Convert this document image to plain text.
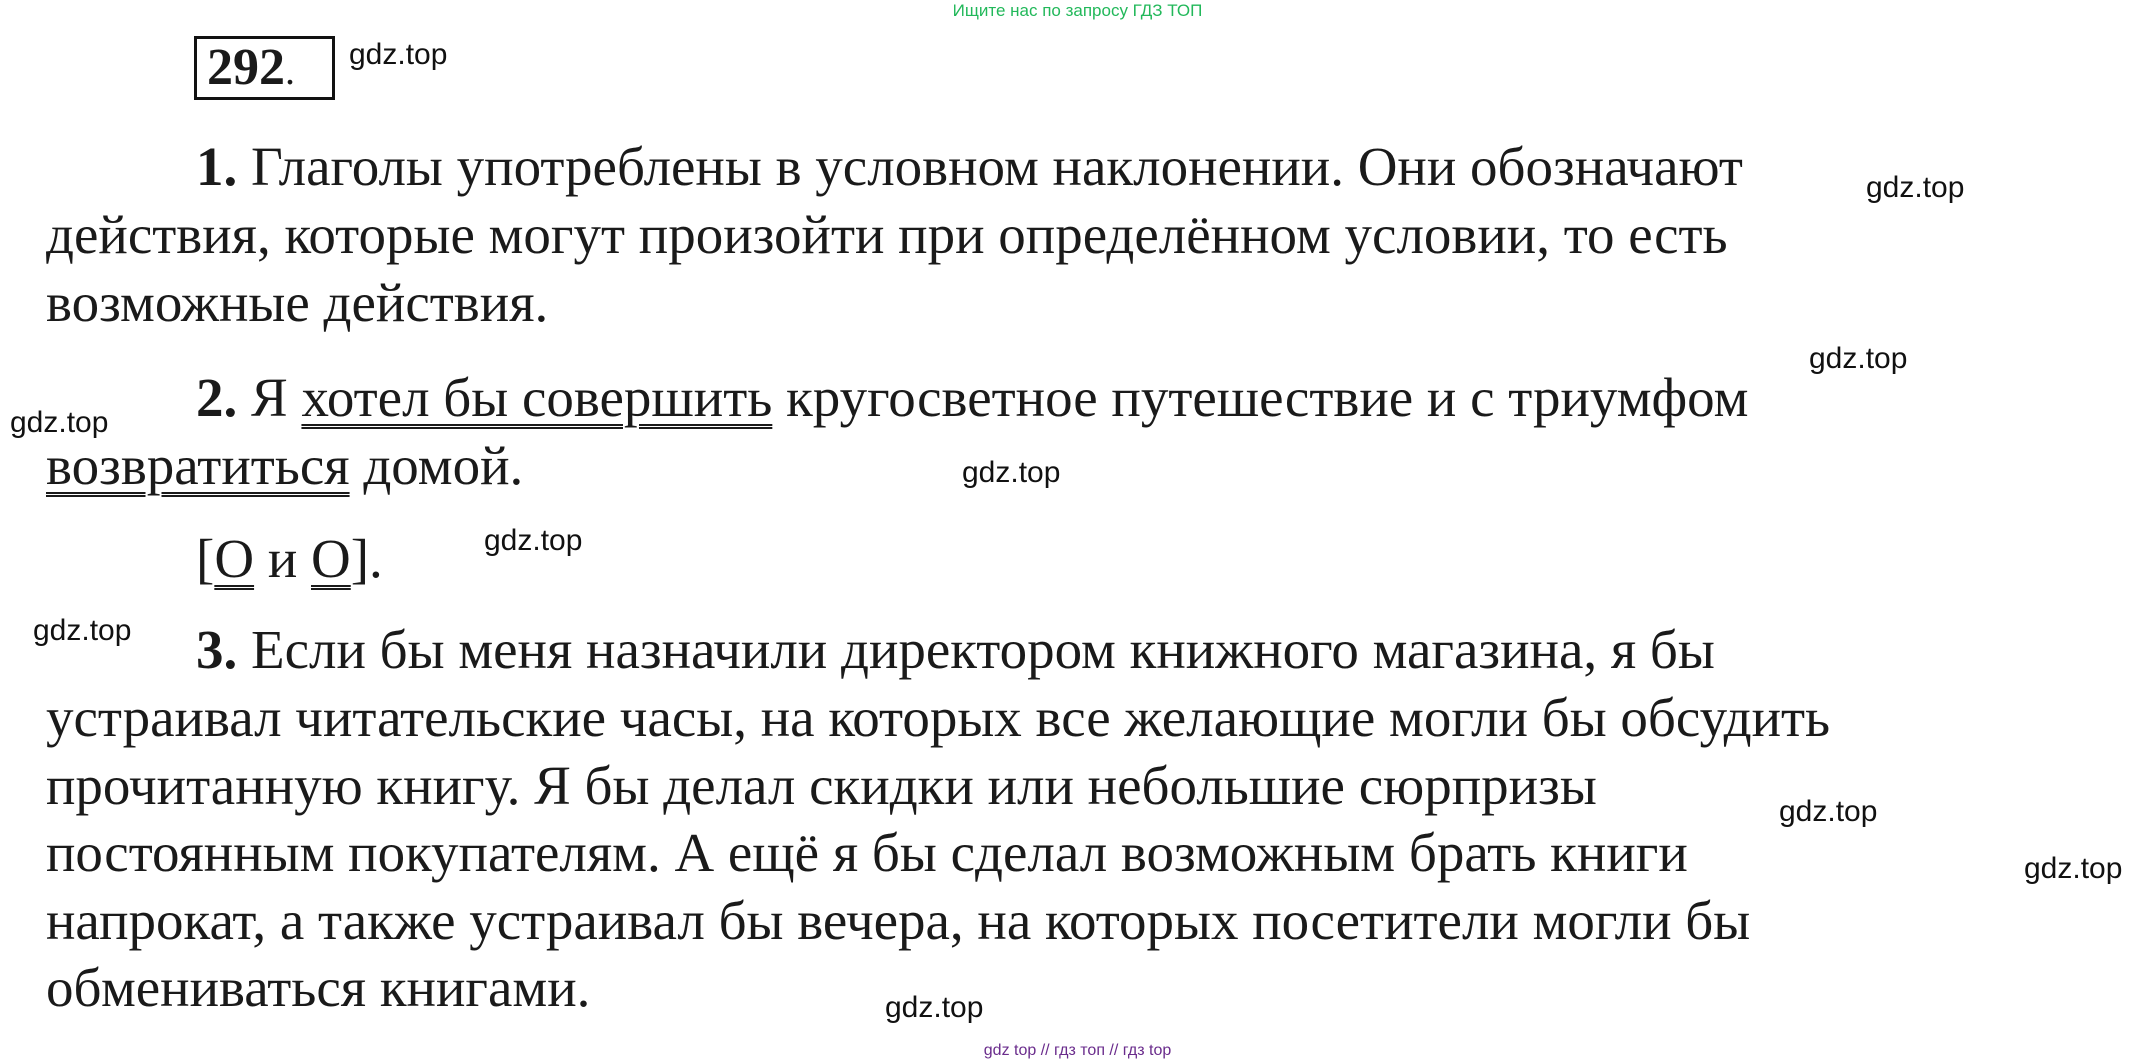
Ищите нас по запросу ГДЗ ТОП
292.	gdz.top
gdz.top
gdz.top
gdz.top
gdz.top
gdz.top
gdz.top
gdz.top
gdz.top
gdz.top
1. Глаголы употреблены в условном наклонении. Они обозначают
действия, которые могут произойти при определённом условии, то есть
возможные действия.
2. Я хотел бы совершить кругосветное путешествие и с триумфом
возвратиться домой.
[O и O].
3. Если бы меня назначили директором книжного магазина, я бы
устраивал читательские часы, на которых все желающие могли бы обсудить
прочитанную книгу. Я бы делал скидки или небольшие сюрпризы
постоянным покупателям. А ещё я бы сделал возможным брать книги
напрокат, а также устраивал бы вечера, на которых посетители могли бы
обмениваться книгами.
gdz top // гдз топ // гдз top
